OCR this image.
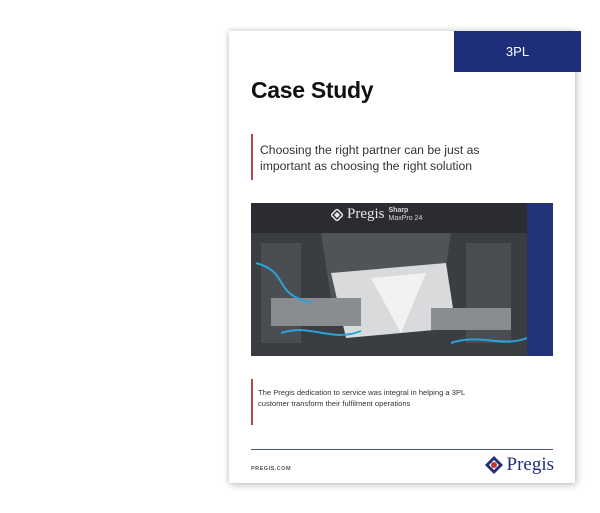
3PL
Case Study
Choosing the right partner can be just as important as choosing the right solution
Pregis Sharp
MaxPro 24
The Pregis dedication to service was integral in helping a 3PL customer transform their fulfilment operations
PREGIS.COM	Pregis
